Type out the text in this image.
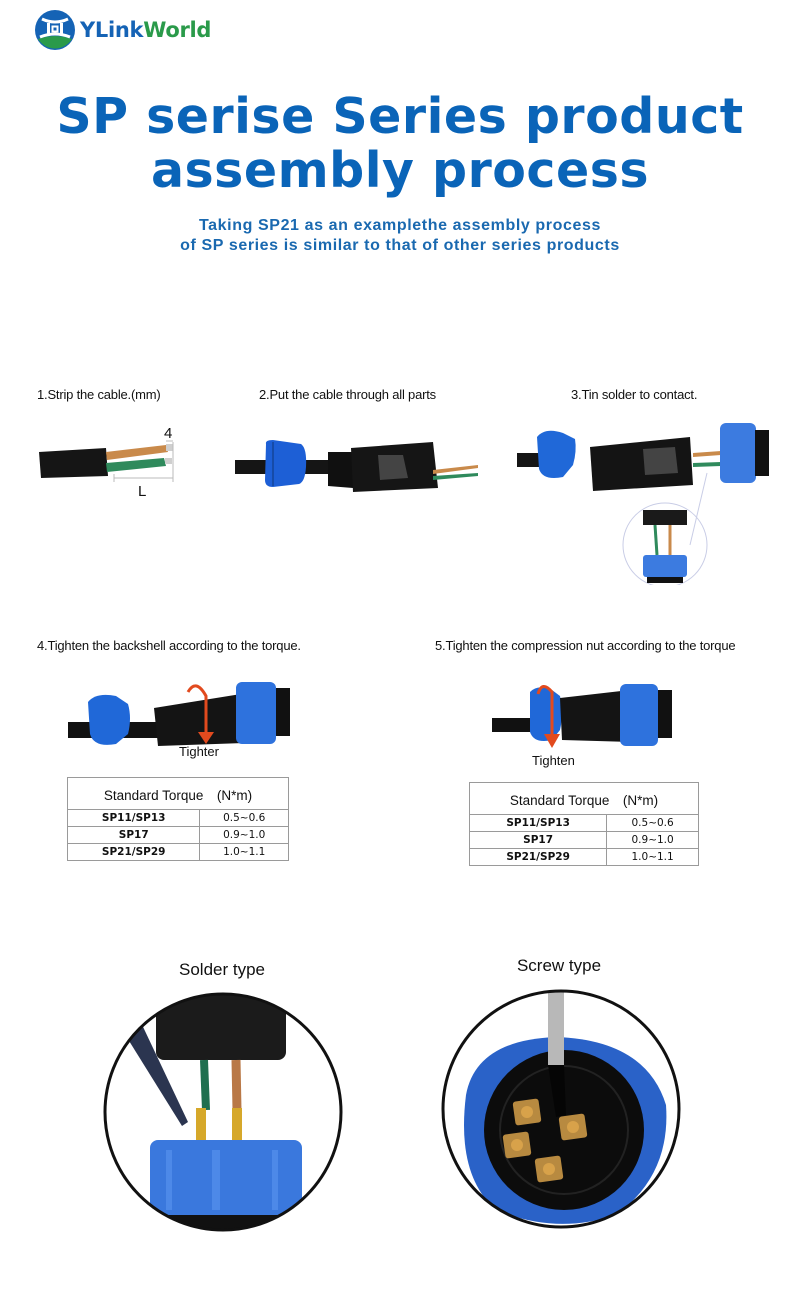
YLinkWorld
SP serise Series product
assembly process
Taking SP21 as an examplethe assembly process
of SP series is similar to that of other series products
1.Strip the cable.(mm)	2.Put the cable through all parts	3.Tin solder to contact.
4
L
4.Tighten the backshell according to the torque.	5.Tighten the compression nut according to the torque
Tighter
Standard Torque　(N*m)	
SP11/SP13	0.5~0.6
SP17	0.9~1.0
SP21/SP29	1.0~1.1
Tighten
Standard Torque　(N*m)	
SP11/SP13	0.5~0.6
SP17	0.9~1.0
SP21/SP29	1.0~1.1
Solder type	Screw type
